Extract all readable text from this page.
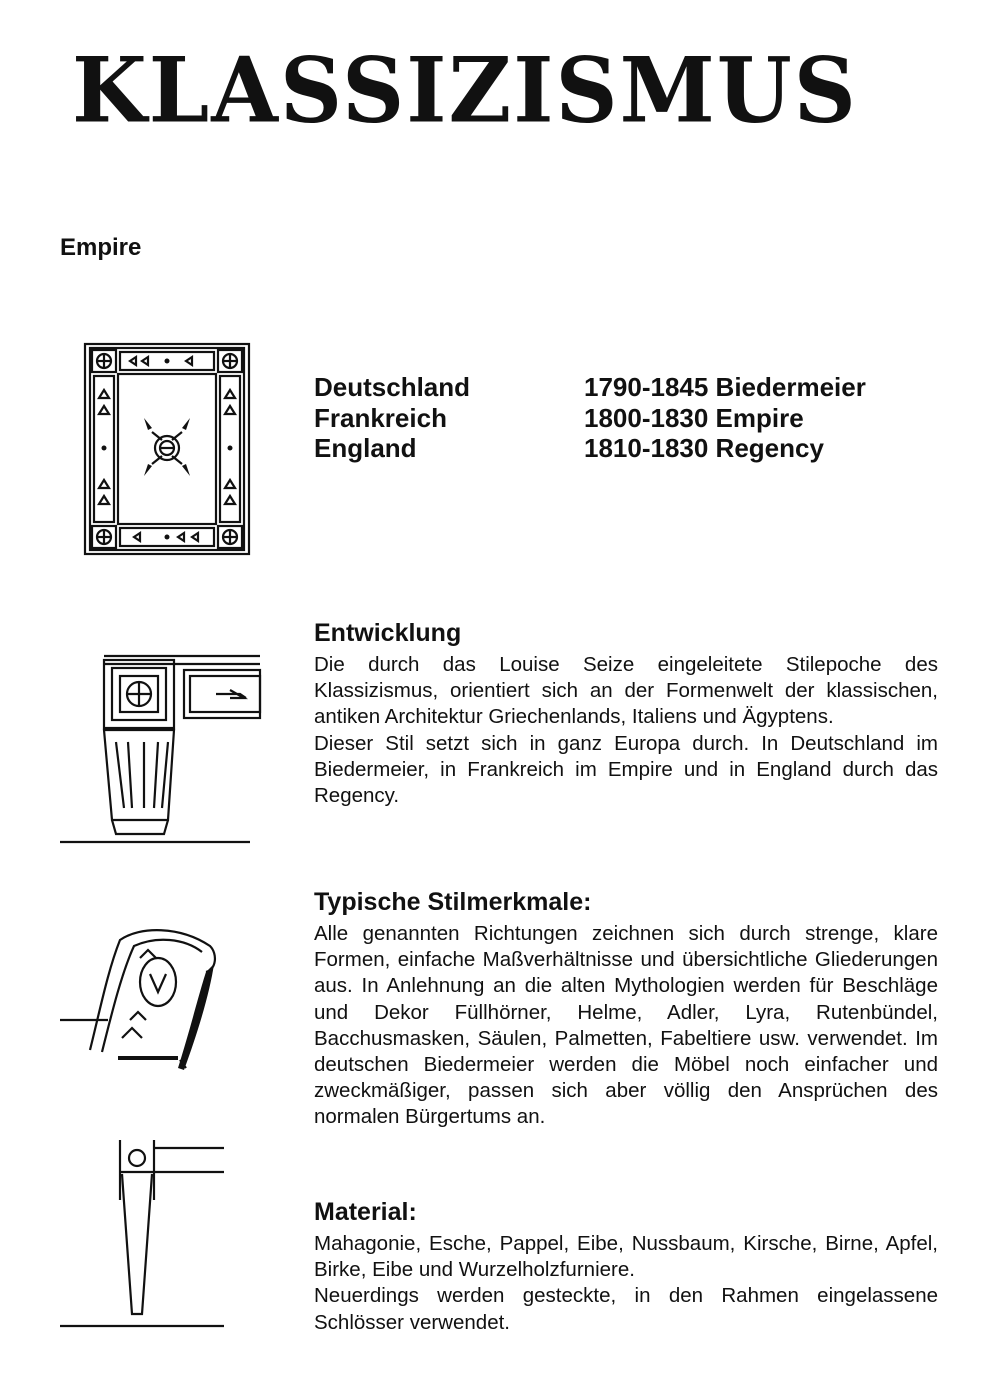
KLASSIZISMUS
Empire
Deutschland	1790-1845 Biedermeier
Frankreich	1800-1830 Empire
England	1810-1830 Regency
Entwicklung

Die durch das Louise Seize eingeleitete Stilepoche des Klassizismus, orientiert sich an der Formenwelt der klassischen, antiken Architektur Griechenlands, Italiens und Ägyptens.

Dieser Stil setzt sich in ganz Europa durch. In Deutschland im Biedermeier, in Frankreich im Empire und in England durch das Regency.

Typische Stilmerkmale:

Alle genannten Richtungen zeichnen sich durch strenge, klare Formen, einfache Maßverhältnisse und übersichtliche Gliederungen aus. In Anlehnung an die alten Mythologien werden für Beschläge und Dekor Füllhörner, Helme, Adler, Lyra, Rutenbündel, Bacchusmasken, Säulen, Palmetten, Fabeltiere usw. verwendet. Im deutschen Biedermeier werden die Möbel noch einfacher und zweckmäßiger, passen sich aber völlig den Ansprüchen des normalen Bürgertums an.

Material:

Mahagonie, Esche, Pappel, Eibe, Nussbaum, Kirsche, Birne, Apfel, Birke, Eibe und Wurzelholzfurniere.

Neuerdings werden gesteckte, in den Rahmen eingelassene Schlösser verwendet.
